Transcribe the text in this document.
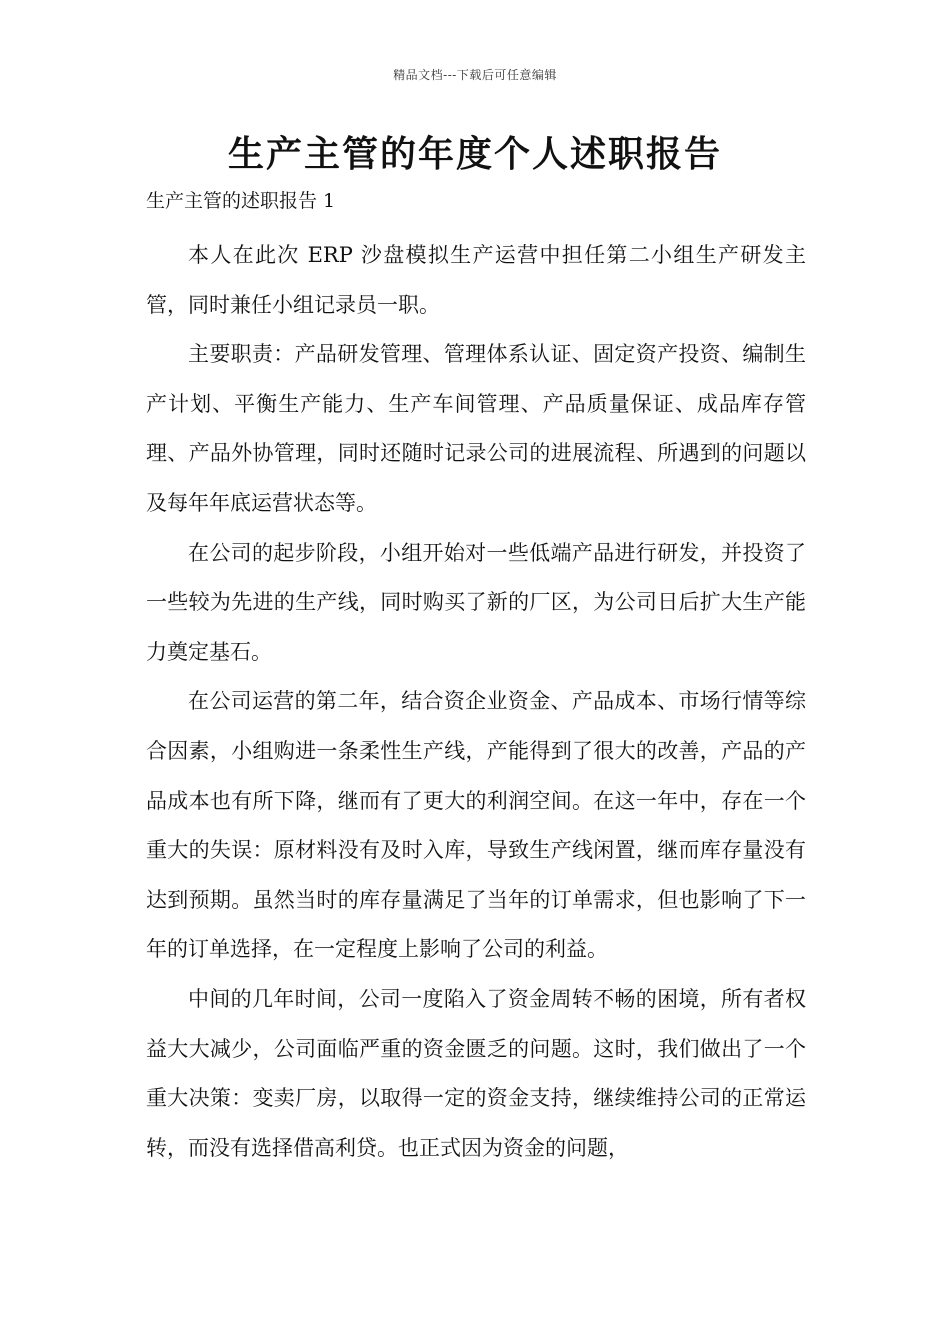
精品文档---下载后可任意编辑
生产主管的年度个人述职报告
生产主管的述职报告 1

本人在此次 ERP 沙盘模拟生产运营中担任第二小组生产研发主管，同时兼任小组记录员一职。

主要职责：产品研发管理、管理体系认证、固定资产投资、编制生产计划、平衡生产能力、生产车间管理、产品质量保证、成品库存管理、产品外协管理，同时还随时记录公司的进展流程、所遇到的问题以及每年年底运营状态等。

在公司的起步阶段，小组开始对一些低端产品进行研发，并投资了一些较为先进的生产线，同时购买了新的厂区，为公司日后扩大生产能力奠定基石。

在公司运营的第二年，结合资企业资金、产品成本、市场行情等综合因素，小组购进一条柔性生产线，产能得到了很大的改善，产品的产品成本也有所下降，继而有了更大的利润空间。在这一年中，存在一个重大的失误：原材料没有及时入库，导致生产线闲置，继而库存量没有达到预期。虽然当时的库存量满足了当年的订单需求，但也影响了下一年的订单选择，在一定程度上影响了公司的利益。

中间的几年时间，公司一度陷入了资金周转不畅的困境，所有者权益大大减少，公司面临严重的资金匮乏的问题。这时，我们做出了一个重大决策：变卖厂房，以取得一定的资金支持，继续维持公司的正常运转，而没有选择借高利贷。也正式因为资金的问题，
